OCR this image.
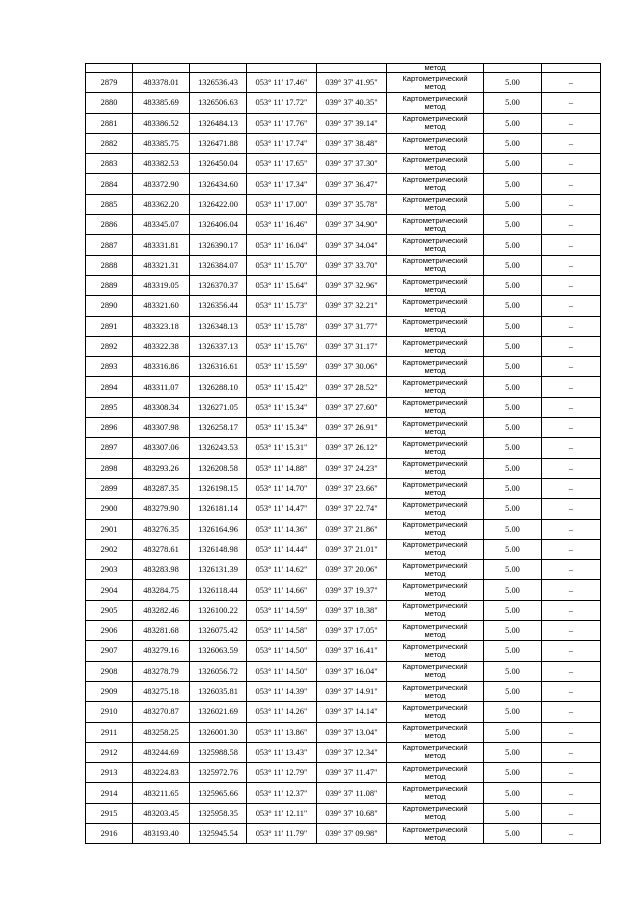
					метод		
2879	483378.01	1326536.43	053° 11' 17.46"	039° 37' 41.95"	Картометрический
метод	5.00	–
2880	483385.69	1326506.63	053° 11' 17.72"	039° 37' 40.35"	Картометрический
метод	5.00	–
2881	483386.52	1326484.13	053° 11' 17.76"	039° 37' 39.14"	Картометрический
метод	5.00	–
2882	483385.75	1326471.88	053° 11' 17.74"	039° 37' 38.48"	Картометрический
метод	5.00	–
2883	483382.53	1326450.04	053° 11' 17.65"	039° 37' 37.30"	Картометрический
метод	5.00	–
2884	483372.90	1326434.60	053° 11' 17.34"	039° 37' 36.47"	Картометрический
метод	5.00	–
2885	483362.20	1326422.00	053° 11' 17.00"	039° 37' 35.78"	Картометрический
метод	5.00	–
2886	483345.07	1326406.04	053° 11' 16.46"	039° 37' 34.90"	Картометрический
метод	5.00	–
2887	483331.81	1326390.17	053° 11' 16.04"	039° 37' 34.04"	Картометрический
метод	5.00	–
2888	483321.31	1326384.07	053° 11' 15.70"	039° 37' 33.70"	Картометрический
метод	5.00	–
2889	483319.05	1326370.37	053° 11' 15.64"	039° 37' 32.96"	Картометрический
метод	5.00	–
2890	483321.60	1326356.44	053° 11' 15.73"	039° 37' 32.21"	Картометрический
метод	5.00	–
2891	483323.18	1326348.13	053° 11' 15.78"	039° 37' 31.77"	Картометрический
метод	5.00	–
2892	483322.38	1326337.13	053° 11' 15.76"	039° 37' 31.17"	Картометрический
метод	5.00	–
2893	483316.86	1326316.61	053° 11' 15.59"	039° 37' 30.06"	Картометрический
метод	5.00	–
2894	483311.07	1326288.10	053° 11' 15.42"	039° 37' 28.52"	Картометрический
метод	5.00	–
2895	483308.34	1326271.05	053° 11' 15.34"	039° 37' 27.60"	Картометрический
метод	5.00	–
2896	483307.98	1326258.17	053° 11' 15.34"	039° 37' 26.91"	Картометрический
метод	5.00	–
2897	483307.06	1326243.53	053° 11' 15.31"	039° 37' 26.12"	Картометрический
метод	5.00	–
2898	483293.26	1326208.58	053° 11' 14.88"	039° 37' 24.23"	Картометрический
метод	5.00	–
2899	483287.35	1326198.15	053° 11' 14.70"	039° 37' 23.66"	Картометрический
метод	5.00	–
2900	483279.90	1326181.14	053° 11' 14.47"	039° 37' 22.74"	Картометрический
метод	5.00	–
2901	483276.35	1326164.96	053° 11' 14.36"	039° 37' 21.86"	Картометрический
метод	5.00	–
2902	483278.61	1326148.98	053° 11' 14.44"	039° 37' 21.01"	Картометрический
метод	5.00	–
2903	483283.98	1326131.39	053° 11' 14.62"	039° 37' 20.06"	Картометрический
метод	5.00	–
2904	483284.75	1326118.44	053° 11' 14.66"	039° 37' 19.37"	Картометрический
метод	5.00	–
2905	483282.46	1326100.22	053° 11' 14.59"	039° 37' 18.38"	Картометрический
метод	5.00	–
2906	483281.68	1326075.42	053° 11' 14.58"	039° 37' 17.05"	Картометрический
метод	5.00	–
2907	483279.16	1326063.59	053° 11' 14.50"	039° 37' 16.41"	Картометрический
метод	5.00	–
2908	483278.79	1326056.72	053° 11' 14.50"	039° 37' 16.04"	Картометрический
метод	5.00	–
2909	483275.18	1326035.81	053° 11' 14.39"	039° 37' 14.91"	Картометрический
метод	5.00	–
2910	483270.87	1326021.69	053° 11' 14.26"	039° 37' 14.14"	Картометрический
метод	5.00	–
2911	483258.25	1326001.30	053° 11' 13.86"	039° 37' 13.04"	Картометрический
метод	5.00	–
2912	483244.69	1325988.58	053° 11' 13.43"	039° 37' 12.34"	Картометрический
метод	5.00	–
2913	483224.83	1325972.76	053° 11' 12.79"	039° 37' 11.47"	Картометрический
метод	5.00	–
2914	483211.65	1325965.66	053° 11' 12.37"	039° 37' 11.08"	Картометрический
метод	5.00	–
2915	483203.45	1325958.35	053° 11' 12.11"	039° 37' 10.68"	Картометрический
метод	5.00	–
2916	483193.40	1325945.54	053° 11' 11.79"	039° 37' 09.98"	Картометрический
метод	5.00	–
